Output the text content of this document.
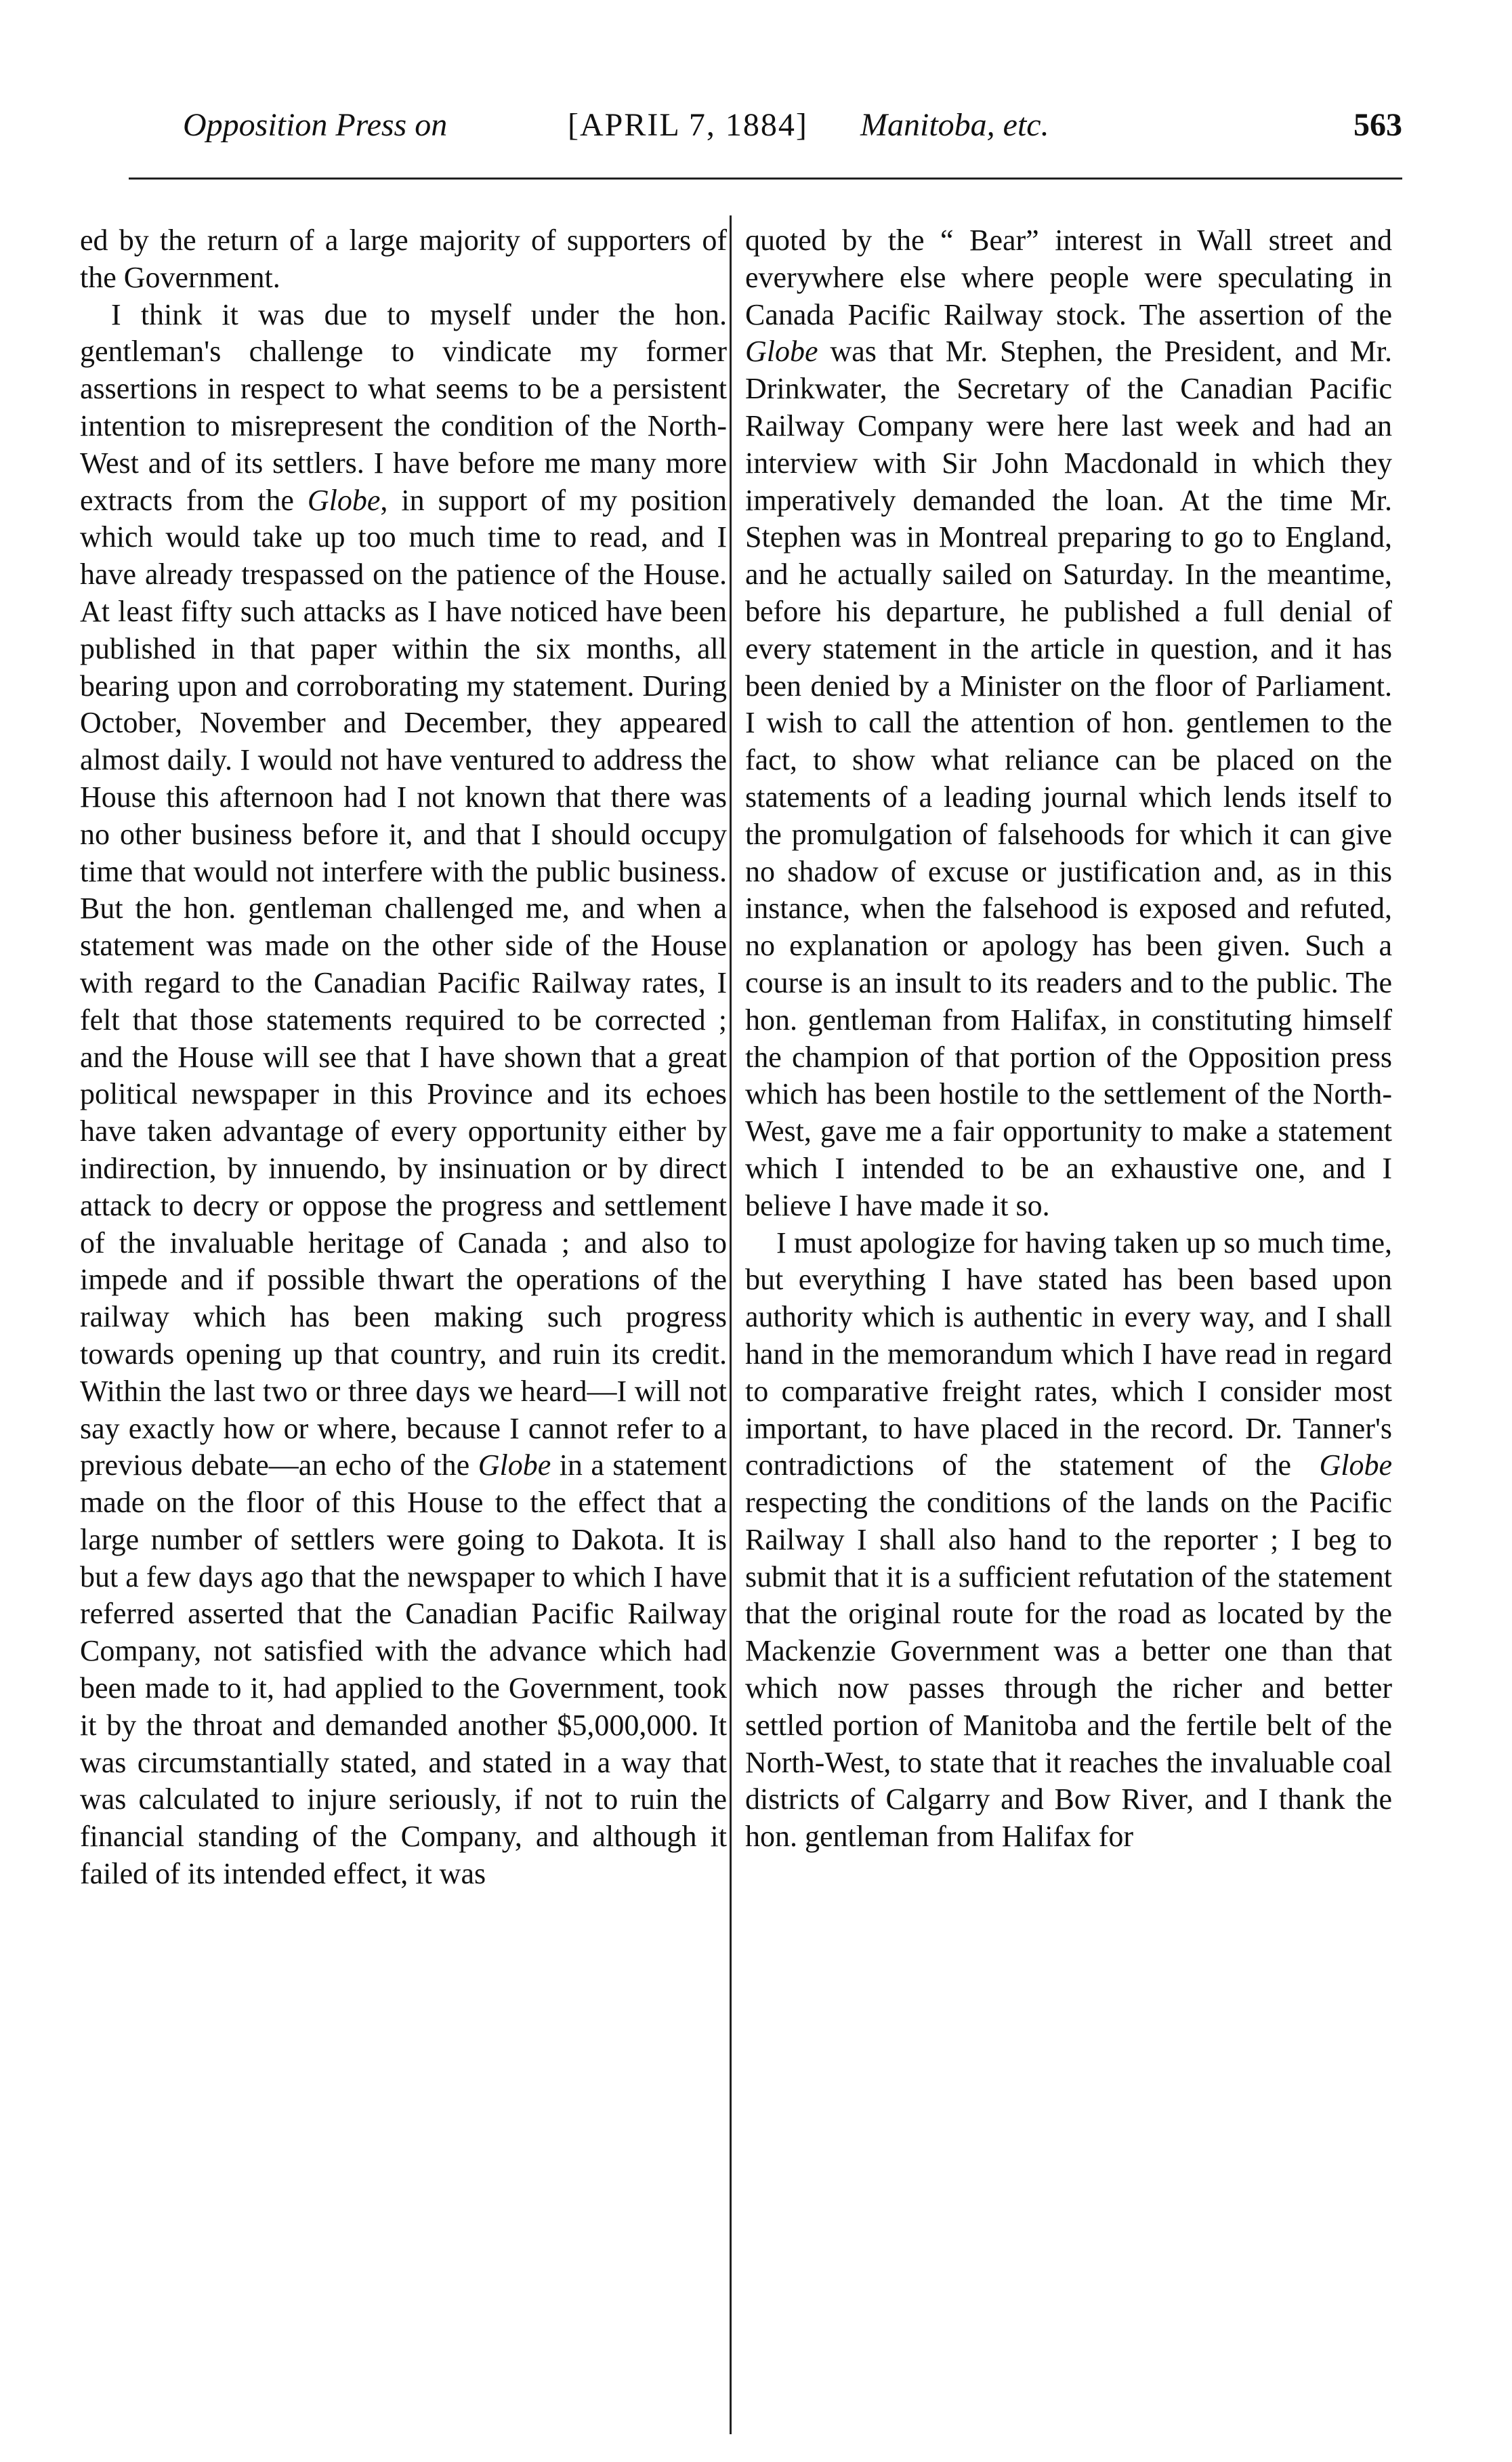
Opposition Press on	[APRIL 7, 1884] Manitoba, etc.	563

ed by the return of a large majority of supporters of the Government.

I think it was due to myself under the hon. gentleman's challenge to vindicate my former assertions in respect to what seems to be a persistent intention to misrepresent the condition of the North-West and of its settlers. I have before me many more extracts from the Globe, in support of my position which would take up too much time to read, and I have already trespassed on the patience of the House. At least fifty such attacks as I have noticed have been published in that paper within the six months, all bearing upon and corroborating my statement. During October, November and December, they appeared almost daily. I would not have ventured to address the House this afternoon had I not known that there was no other business before it, and that I should occupy time that would not interfere with the public business. But the hon. gentleman challenged me, and when a statement was made on the other side of the House with regard to the Canadian Pacific Railway rates, I felt that those statements required to be corrected ; and the House will see that I have shown that a great political newspaper in this Province and its echoes have taken advantage of every opportunity either by indirection, by innuendo, by insinuation or by direct attack to decry or oppose the progress and settlement of the invaluable heritage of Canada ; and also to impede and if possible thwart the operations of the railway which has been making such progress towards opening up that country, and ruin its credit. Within the last two or three days we heard—I will not say exactly how or where, because I cannot refer to a previous debate—an echo of the Globe in a statement made on the floor of this House to the effect that a large number of settlers were going to Dakota. It is but a few days ago that the newspaper to which I have referred asserted that the Canadian Pacific Railway Company, not satisfied with the advance which had been made to it, had applied to the Government, took it by the throat and demanded another $5,000,000. It was circumstantially stated, and stated in a way that was calculated to injure seriously, if not to ruin the financial standing of the Company, and although it failed of its intended effect, it was

quoted by the “ Bear” interest in Wall street and everywhere else where people were speculating in Canada Pacific Railway stock. The assertion of the Globe was that Mr. Stephen, the President, and Mr. Drinkwater, the Secretary of the Canadian Pacific Railway Company were here last week and had an interview with Sir John Macdonald in which they imperatively demanded the loan. At the time Mr. Stephen was in Montreal preparing to go to England, and he actually sailed on Saturday. In the meantime, before his departure, he published a full denial of every statement in the article in question, and it has been denied by a Minister on the floor of Parliament. I wish to call the attention of hon. gentlemen to the fact, to show what reliance can be placed on the statements of a leading journal which lends itself to the promulgation of falsehoods for which it can give no shadow of excuse or justification and, as in this instance, when the falsehood is exposed and refuted, no explanation or apology has been given. Such a course is an insult to its readers and to the public. The hon. gentleman from Halifax, in constituting himself the champion of that portion of the Opposition press which has been hostile to the settlement of the North-West, gave me a fair opportunity to make a statement which I intended to be an exhaustive one, and I believe I have made it so.

I must apologize for having taken up so much time, but everything I have stated has been based upon authority which is authentic in every way, and I shall hand in the memorandum which I have read in regard to comparative freight rates, which I consider most important, to have placed in the record. Dr. Tanner's contradictions of the statement of the Globe respecting the conditions of the lands on the Pacific Railway I shall also hand to the reporter ; I beg to submit that it is a sufficient refutation of the statement that the original route for the road as located by the Mackenzie Government was a better one than that which now passes through the richer and better settled portion of Manitoba and the fertile belt of the North-West, to state that it reaches the invaluable coal districts of Calgarry and Bow River, and I thank the hon. gentleman from Halifax for
